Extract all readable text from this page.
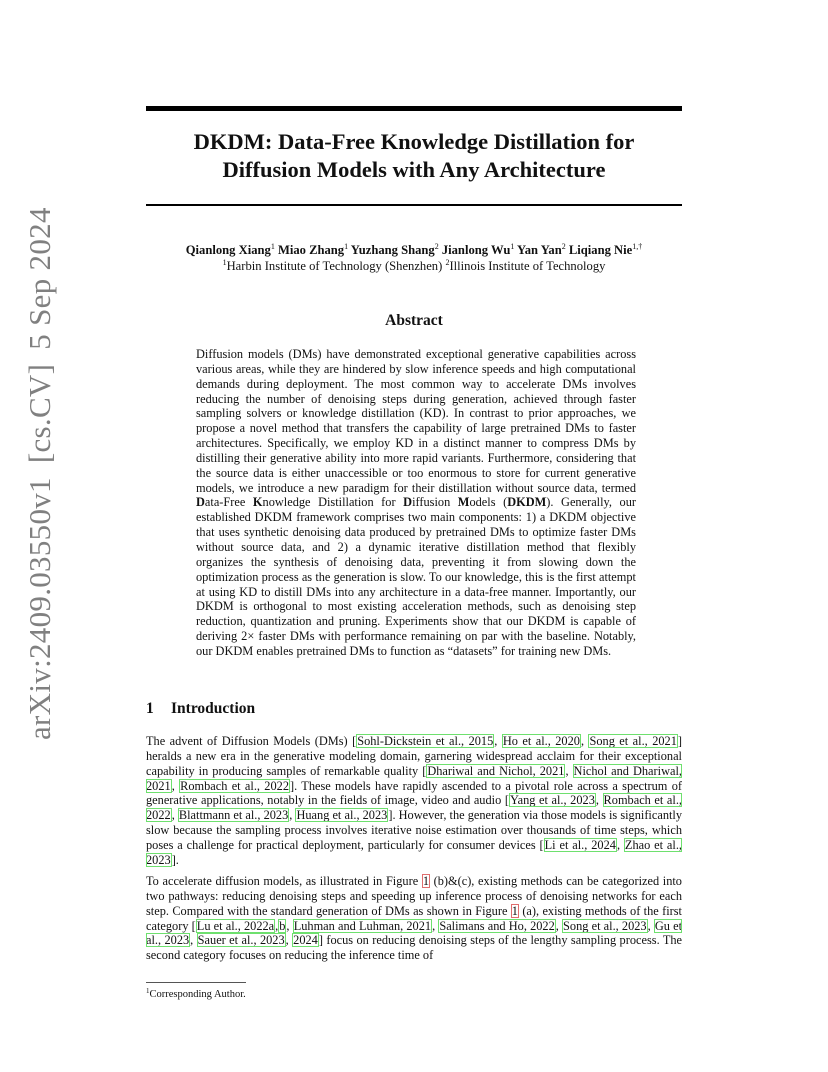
arXiv:2409.03550v1[cs.CV]5 Sep 2024
DKDM: Data-Free Knowledge Distillation for
Diffusion Models with Any Architecture
Qianlong Xiang$^1$ Miao Zhang$^1$ Yuzhang Shang$^2$ Jianlong Wu$^1$ Yan Yan$^2$ Liqiang Nie$^{1,\dagger}$
$^1$Harbin Institute of Technology (Shenzhen) $^2$Illinois Institute of Technology
Abstract
Diffusion models (DMs) have demonstrated exceptional generative capabilities across various areas, while they are hindered by slow inference speeds and high computational demands during deployment. The most common way to accelerate DMs involves reducing the number of denoising steps during generation, achieved through faster sampling solvers or knowledge distillation (KD). In contrast to prior approaches, we propose a novel method that transfers the capability of large pretrained DMs to faster architectures. Specifically, we employ KD in a distinct manner to compress DMs by distilling their generative ability into more rapid variants. Furthermore, considering that the source data is either unaccessible or too enormous to store for current generative models, we introduce a new paradigm for their distillation without source data, termed Data-Free Knowledge Distillation for Diffusion Models (DKDM). Generally, our established DKDM framework comprises two main components: 1) a DKDM objective that uses synthetic denoising data produced by pretrained DMs to optimize faster DMs without source data, and 2) a dynamic iterative distillation method that flexibly organizes the synthesis of denoising data, preventing it from slowing down the optimization process as the generation is slow. To our knowledge, this is the first attempt at using KD to distill DMs into any architecture in a data-free manner. Importantly, our DKDM is orthogonal to most existing acceleration methods, such as denoising step reduction, quantization and pruning. Experiments show that our DKDM is capable of deriving 2× faster DMs with performance remaining on par with the baseline. Notably, our DKDM enables pretrained DMs to function as “datasets” for training new DMs.
1 Introduction
The advent of Diffusion Models (DMs) [Sohl-Dickstein et al., 2015, Ho et al., 2020, Song et al., 2021] heralds a new era in the generative modeling domain, garnering widespread acclaim for their exceptional capability in producing samples of remarkable quality [Dhariwal and Nichol, 2021, Nichol and Dhariwal, 2021, Rombach et al., 2022]. These models have rapidly ascended to a pivotal role across a spectrum of generative applications, notably in the fields of image, video and audio [Yang et al., 2023, Rombach et al., 2022, Blattmann et al., 2023, Huang et al., 2023]. However, the generation via those models is significantly slow because the sampling process involves iterative noise estimation over thousands of time steps, which poses a challenge for practical deployment, particularly for consumer devices [Li et al., 2024, Zhao et al., 2023].
To accelerate diffusion models, as illustrated in Figure 1 (b)&(c), existing methods can be categorized into two pathways: reducing denoising steps and speeding up inference process of denoising networks for each step. Compared with the standard generation of DMs as shown in Figure 1 (a), existing methods of the first category [Lu et al., 2022a,b, Luhman and Luhman, 2021, Salimans and Ho, 2022, Song et al., 2023, Gu et al., 2023, Sauer et al., 2023, 2024] focus on reducing denoising steps of the lengthy sampling process. The second category focuses on reducing the inference time of
$^1$Corresponding Author.
